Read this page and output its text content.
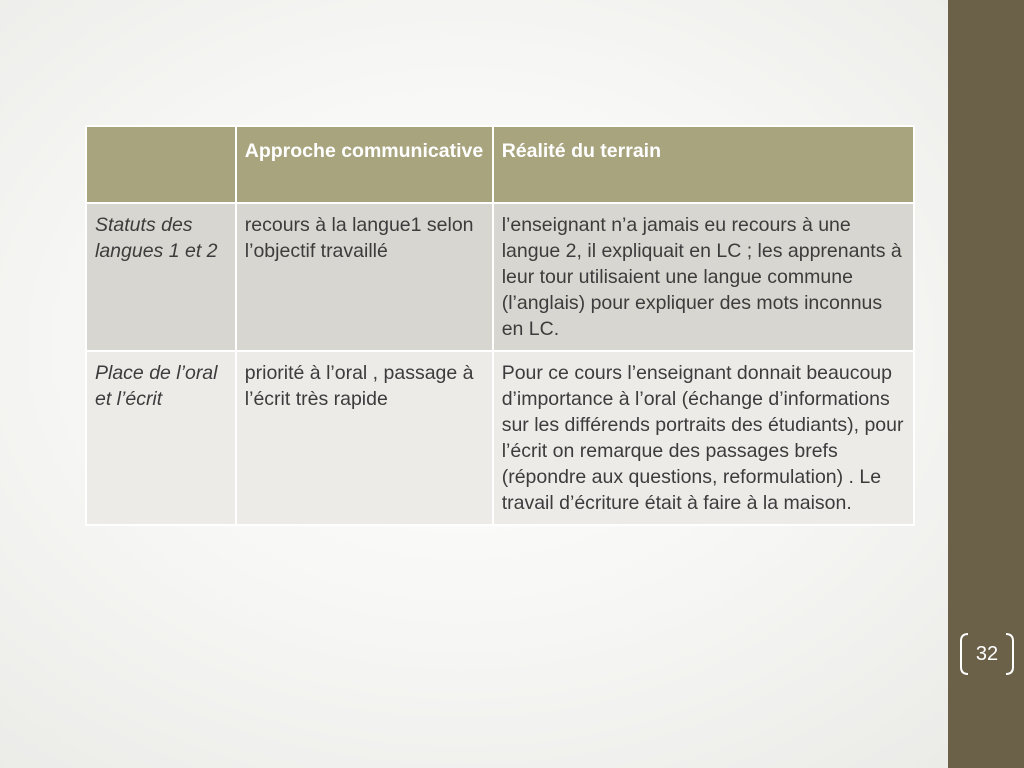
	Approche communicative	Réalité du terrain
Statuts des langues 1 et 2	recours à la langue1 selon l’objectif travaillé	l’enseignant n’a jamais eu recours à une langue 2, il expliquait en LC ; les apprenants à leur tour utilisaient une langue commune (l’anglais) pour expliquer des mots inconnus en LC.
Place de l’oral et l’écrit	priorité à l’oral , passage à l’écrit très rapide	Pour ce cours l’enseignant donnait beaucoup d’importance à l’oral (échange d’informations sur les différends portraits des étudiants), pour l’écrit on remarque des passages brefs (répondre aux questions, reformulation) . Le travail d’écriture était à faire à la maison.
32
